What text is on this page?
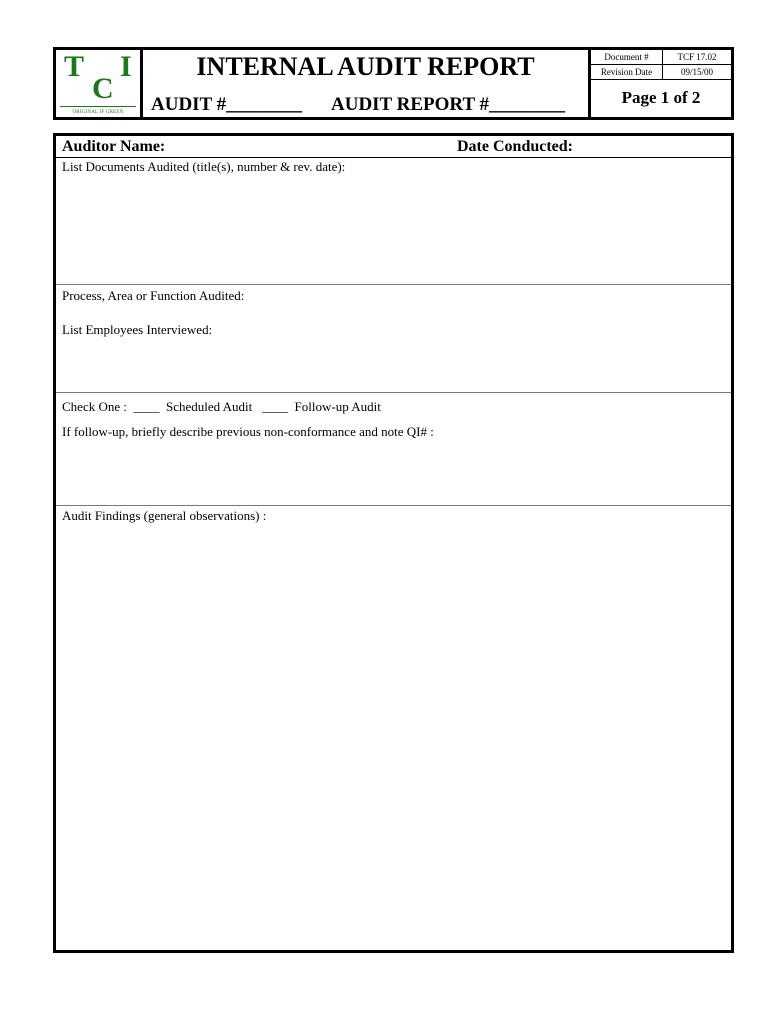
T
C
I
ORIGINAL IF GREEN
INTERNAL AUDIT REPORT
AUDIT #________ AUDIT REPORT #________
Document #	TCF 17.02
Revision Date	09/15/00
Page 1 of 2
Auditor Name:	Date Conducted:
List Documents Audited (title(s), number & rev. date):
Process, Area or Function Audited:
List Employees Interviewed:
Check One :  ____  Scheduled Audit   ____  Follow-up Audit
If follow-up, briefly describe previous non-conformance and note QI# :
Audit Findings (general observations) :
